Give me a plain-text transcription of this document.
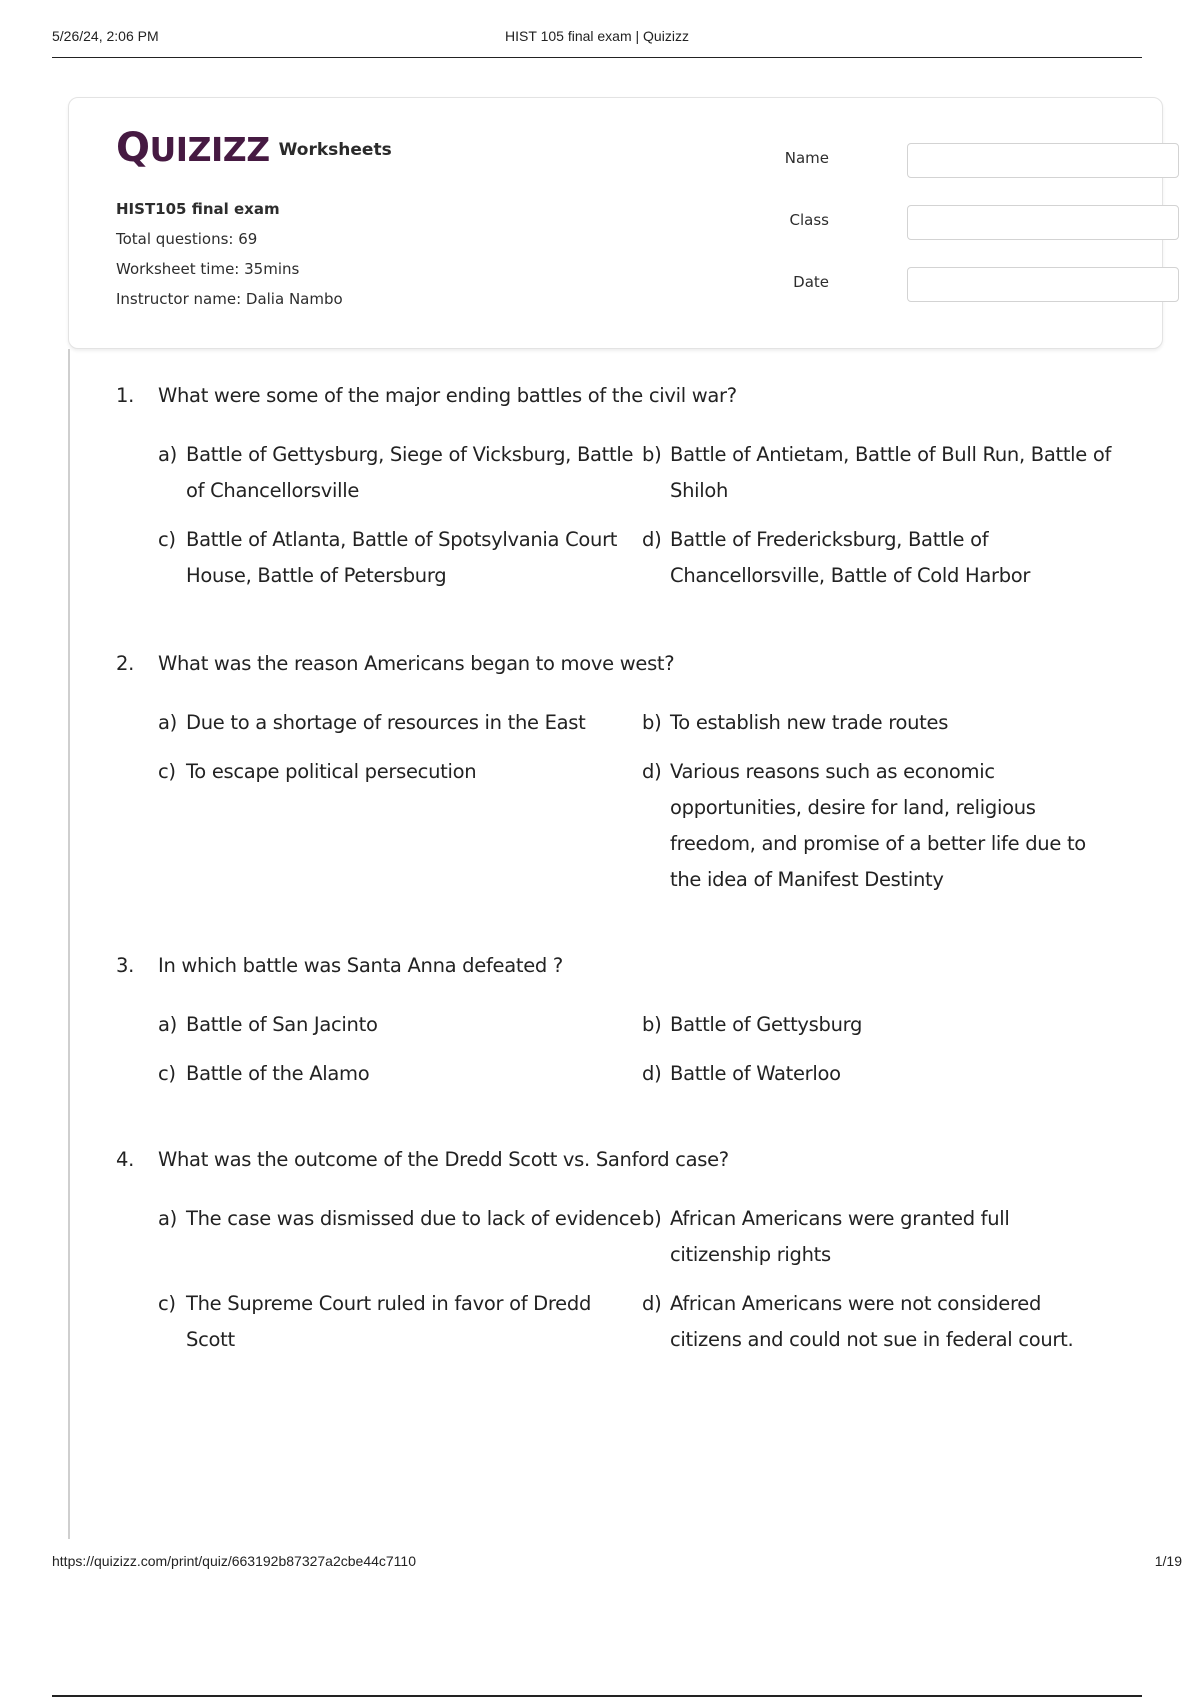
5/26/24, 2:06 PM	HIST 105 final exam | Quizizz
Q UIZIZZ Worksheets
HIST105 final exam
Total questions: 69
Worksheet time: 35mins
Instructor name: Dalia Nambo
Name
Class
Date
1. What were some of the major ending battles of the civil war?
a) Battle of Gettysburg, Siege of Vicksburg, Battle of Chancellorsville
b) Battle of Antietam, Battle of Bull Run, Battle of Shiloh
c) Battle of Atlanta, Battle of Spotsylvania Court House, Battle of Petersburg
d) Battle of Fredericksburg, Battle of Chancellorsville, Battle of Cold Harbor
2. What was the reason Americans began to move west?
a) Due to a shortage of resources in the East	b) To establish new trade routes
c) To escape political persecution	d) Various reasons such as economic opportunities, desire for land, religious freedom, and promise of a better life due to the idea of Manifest Destinty
3. In which battle was Santa Anna defeated ?
a) Battle of San Jacinto	b) Battle of Gettysburg
c) Battle of the Alamo	d) Battle of Waterloo
4. What was the outcome of the Dredd Scott vs. Sanford case?
a) The case was dismissed due to lack of evidence b) African Americans were granted full citizenship rights
c) The Supreme Court ruled in favor of Dredd Scott
d) African Americans were not considered citizens and could not sue in federal court.
https://quizizz.com/print/quiz/663192b87327a2cbe44c7110	1/19
